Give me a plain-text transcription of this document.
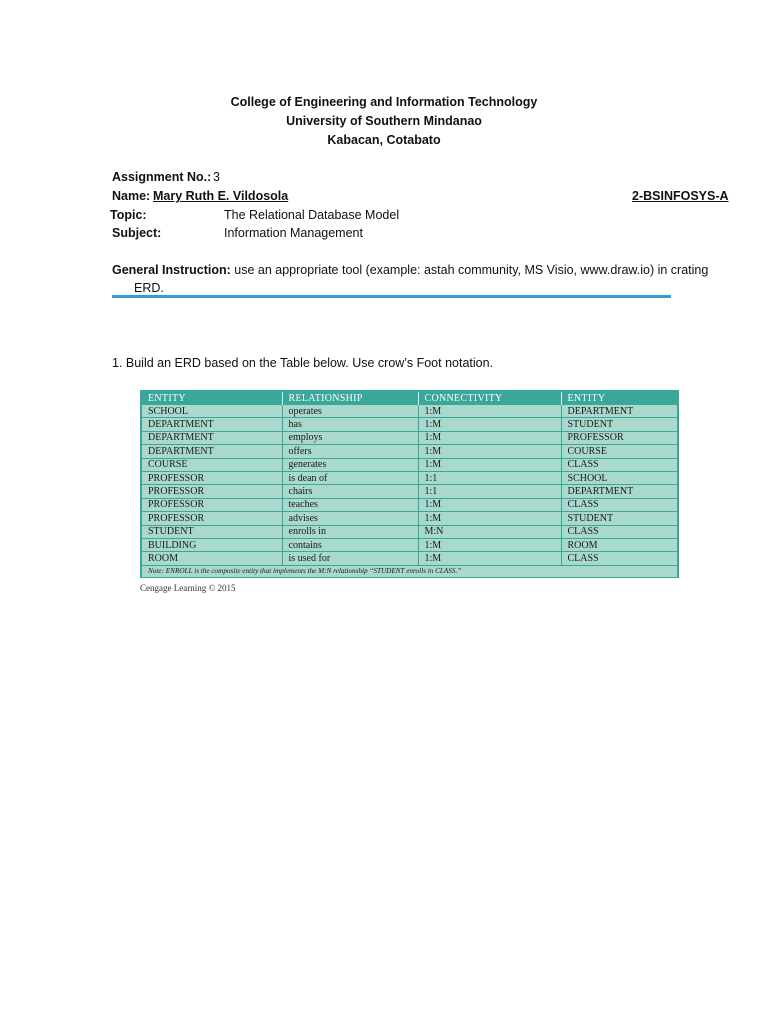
College of Engineering and Information Technology
University of Southern Mindanao
Kabacan, Cotabato
Assignment No.: 3
Name: Mary Ruth E. Vildosola	2-BSINFOSYS-A
Topic:	The Relational Database Model
Subject:	Information Management
General Instruction: use an appropriate tool (example: astah community, MS Visio, www.draw.io) in crating
ERD.
1. Build an ERD based on the Table below. Use crow’s Foot notation.
ENTITY	RELATIONSHIP	CONNECTIVITY	ENTITY
SCHOOL	operates	1:M	DEPARTMENT
DEPARTMENT	has	1:M	STUDENT
DEPARTMENT	employs	1:M	PROFESSOR
DEPARTMENT	offers	1:M	COURSE
COURSE	generates	1:M	CLASS
PROFESSOR	is dean of	1:1	SCHOOL
PROFESSOR	chairs	1:1	DEPARTMENT
PROFESSOR	teaches	1:M	CLASS
PROFESSOR	advises	1:M	STUDENT
STUDENT	enrolls in	M:N	CLASS
BUILDING	contains	1:M	ROOM
ROOM	is used for	1:M	CLASS
Note: ENROLL is the composite entity that implements the M:N relationship “STUDENT enrolls in CLASS.”			
Cengage Learning © 2015
